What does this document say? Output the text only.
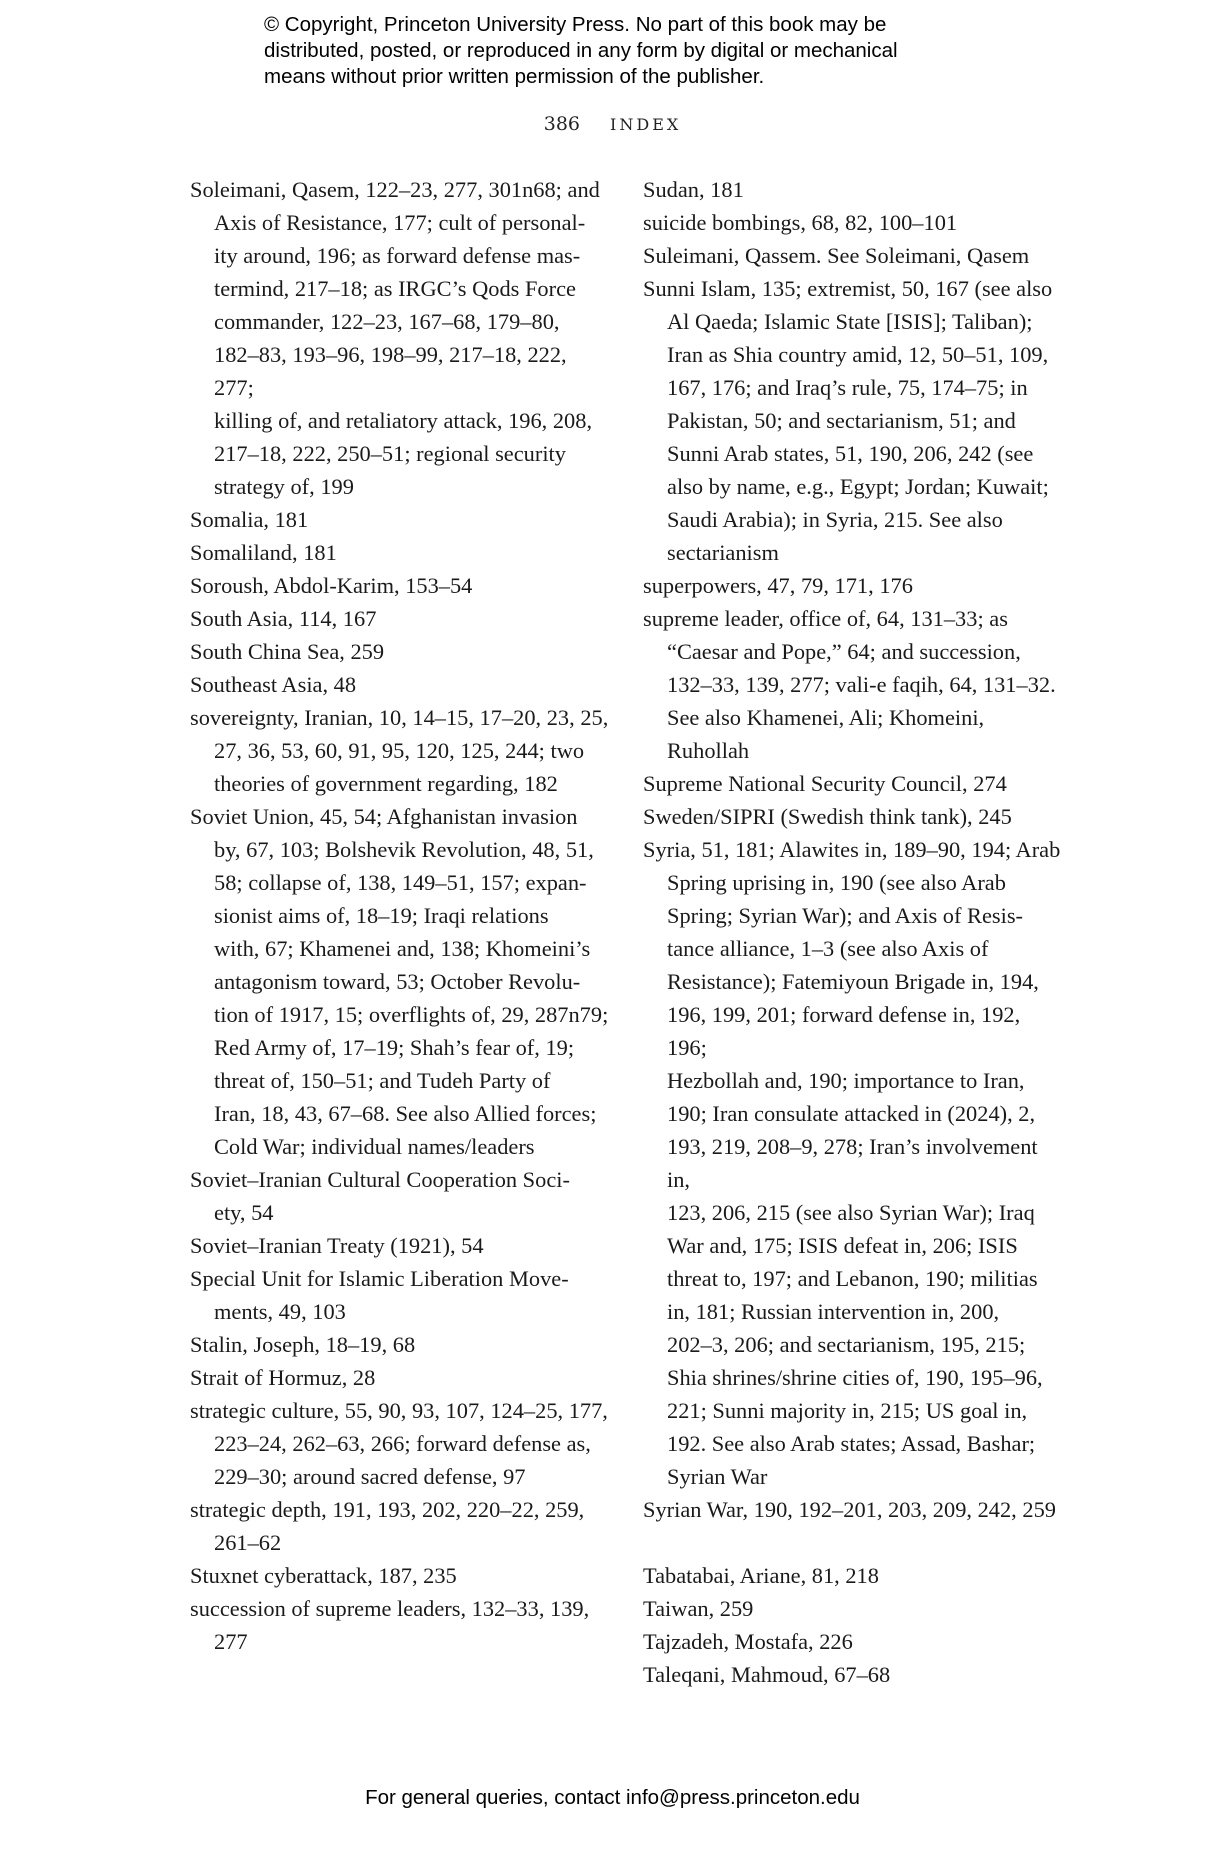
© Copyright, Princeton University Press. No part of this book may be
distributed, posted, or reproduced in any form by digital or mechanical
means without prior written permission of the publisher.
386 INDEX
Soleimani, Qasem, 122–23, 277, 301n68; and
Axis of Resistance, 177; cult of personal-
ity around, 196; as forward defense mas-
termind, 217–18; as IRGC’s Qods Force
commander, 122–23, 167–68, 179–80,
182–83, 193–96, 198–99, 217–18, 222, 277;
killing of, and retaliatory attack, 196, 208,
217–18, 222, 250–51; regional security
strategy of, 199
Somalia, 181
Somaliland, 181
Soroush, Abdol-Karim, 153–54
South Asia, 114, 167
South China Sea, 259
Southeast Asia, 48
sovereignty, Iranian, 10, 14–15, 17–20, 23, 25,
27, 36, 53, 60, 91, 95, 120, 125, 244; two
theories of government regarding, 182
Soviet Union, 45, 54; Afghanistan invasion
by, 67, 103; Bolshevik Revolution, 48, 51,
58; collapse of, 138, 149–51, 157; expan-
sionist aims of, 18–19; Iraqi relations
with, 67; Khamenei and, 138; Khomeini’s
antagonism toward, 53; October Revolu-
tion of 1917, 15; overflights of, 29, 287n79;
Red Army of, 17–19; Shah’s fear of, 19;
threat of, 150–51; and Tudeh Party of
Iran, 18, 43, 67–68. See also Allied forces;
Cold War; individual names/leaders
Soviet–Iranian Cultural Cooperation Soci-
ety, 54
Soviet–Iranian Treaty (1921), 54
Special Unit for Islamic Liberation Move-
ments, 49, 103
Stalin, Joseph, 18–19, 68
Strait of Hormuz, 28
strategic culture, 55, 90, 93, 107, 124–25, 177,
223–24, 262–63, 266; forward defense as,
229–30; around sacred defense, 97
strategic depth, 191, 193, 202, 220–22, 259,
261–62
Stuxnet cyberattack, 187, 235
succession of supreme leaders, 132–33, 139,
277
Sudan, 181
suicide bombings, 68, 82, 100–101
Suleimani, Qassem. See Soleimani, Qasem
Sunni Islam, 135; extremist, 50, 167 (see also
Al Qaeda; Islamic State [ISIS]; Taliban);
Iran as Shia country amid, 12, 50–51, 109,
167, 176; and Iraq’s rule, 75, 174–75; in
Pakistan, 50; and sectarianism, 51; and
Sunni Arab states, 51, 190, 206, 242 (see
also by name, e.g., Egypt; Jordan; Kuwait;
Saudi Arabia); in Syria, 215. See also
sectarianism
superpowers, 47, 79, 171, 176
supreme leader, office of, 64, 131–33; as
“Caesar and Pope,” 64; and succession,
132–33, 139, 277; vali-e faqih, 64, 131–32.
See also Khamenei, Ali; Khomeini,
Ruhollah
Supreme National Security Council, 274
Sweden/SIPRI (Swedish think tank), 245
Syria, 51, 181; Alawites in, 189–90, 194; Arab
Spring uprising in, 190 (see also Arab
Spring; Syrian War); and Axis of Resis-
tance alliance, 1–3 (see also Axis of
Resistance); Fatemiyoun Brigade in, 194,
196, 199, 201; forward defense in, 192, 196;
Hezbollah and, 190; importance to Iran,
190; Iran consulate attacked in (2024), 2,
193, 219, 208–9, 278; Iran’s involvement in,
123, 206, 215 (see also Syrian War); Iraq
War and, 175; ISIS defeat in, 206; ISIS
threat to, 197; and Lebanon, 190; militias
in, 181; Russian intervention in, 200,
202–3, 206; and sectarianism, 195, 215;
Shia shrines/shrine cities of, 190, 195–96,
221; Sunni majority in, 215; US goal in,
192. See also Arab states; Assad, Bashar;
Syrian War
Syrian War, 190, 192–201, 203, 209, 242, 259
Tabatabai, Ariane, 81, 218
Taiwan, 259
Tajzadeh, Mostafa, 226
Taleqani, Mahmoud, 67–68
For general queries, contact info@press.princeton.edu
